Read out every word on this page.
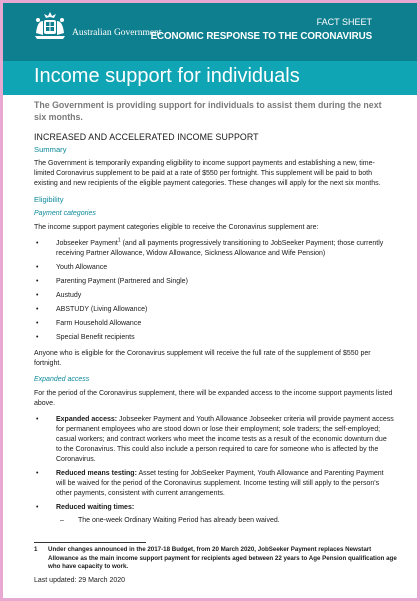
Australian Government
FACT SHEET
ECONOMIC RESPONSE TO THE CORONAVIRUS
Income support for individuals

The Government is providing support for individuals to assist them during the next six months.

INCREASED AND ACCELERATED INCOME SUPPORT
Summary

The Government is temporarily expanding eligibility to income support payments and establishing a new, time-limited Coronavirus supplement to be paid at a rate of $550 per fortnight. This supplement will be paid to both existing and new recipients of the eligible payment categories. These changes will apply for the next six months.

Eligibility
Payment categories

The income support payment categories eligible to receive the Coronavirus supplement are:

•	Jobseeker Payment$^1$ (and all payments progressively transitioning to JobSeeker Payment; those currently receiving Partner Allowance, Widow Allowance, Sickness Allowance and Wife Pension)
•	Youth Allowance
•	Parenting Payment (Partnered and Single)
•	Austudy
•	ABSTUDY (Living Allowance)
•	Farm Household Allowance
•	Special Benefit recipients

Anyone who is eligible for the Coronavirus supplement will receive the full rate of the supplement of $550 per fortnight.

Expanded access

For the period of the Coronavirus supplement, there will be expanded access to the income support payments listed above.

•	Expanded access: Jobseeker Payment and Youth Allowance Jobseeker criteria will provide payment access for permanent employees who are stood down or lose their employment; sole traders; the self-employed; casual workers; and contract workers who meet the income tests as a result of the economic downturn due to the Coronavirus. This could also include a person required to care for someone who is affected by the Coronavirus.
•	Reduced means testing: Asset testing for JobSeeker Payment, Youth Allowance and Parenting Payment will be waived for the period of the Coronavirus supplement. Income testing will still apply to the person's other payments, consistent with current arrangements.
•	Reduced waiting times:
– The one-week Ordinary Waiting Period has already been waived.
1	Under changes announced in the 2017-18 Budget, from 20 March 2020, JobSeeker Payment replaces Newstart Allowance as the main income support payment for recipients aged between 22 years to Age Pension qualification age who have capacity to work.
Last updated: 29 March 2020
